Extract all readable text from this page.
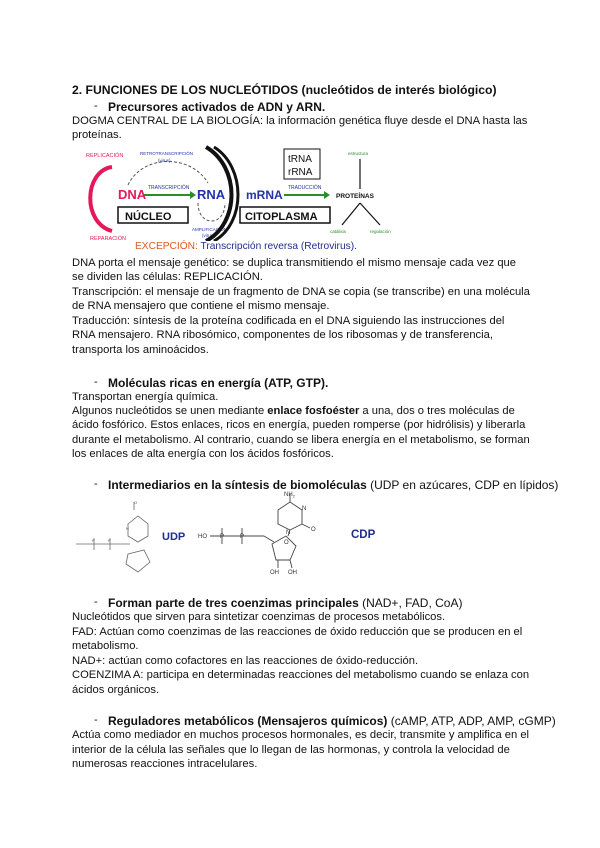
2. FUNCIONES DE LOS NUCLEÓTIDOS (nucleótidos de interés biológico)
- Precursores activados de ADN y ARN.
DOGMA CENTRAL DE LA BIOLOGÍA: la información genética fluye desde el DNA hasta las
proteínas.
REPLICACIÓN
REPARACIÓN
RETROTRANSCRIPCIÓN
(virus)
DNA TRANSCRIPCIÓN RNA
AMPLIFICACIÓN
(virus)
NÚCLEO
mRNA
tRNA
rRNA
TRADUCCIÓN
PROTEÍNAS
estructura
catálisis	regulación
CITOPLASMA
EXCEPCIÓN: Transcripción reversa (Retrovirus).
DNA porta el mensaje genético: se duplica transmitiendo el mismo mensaje cada vez que
se dividen las células: REPLICACIÓN.
Transcripción: el mensaje de un fragmento de DNA se copia (se transcribe) en una molécula
de RNA mensajero que contiene el mismo mensaje.
Traducción: síntesis de la proteína codificada en el DNA siguiendo las instrucciones del
RNA mensajero. RNA ribosómico, componentes de los ribosomas y de transferencia,
transporta los aminoácidos.
- Moléculas ricas en energía (ATP, GTP).
Transportan energía química.
Algunos nucleótidos se unen mediante enlace fosfoéster a una, dos o tres moléculas de
ácido fosfórico. Estos enlaces, ricos en energía, pueden romperse (por hidrólisis) y liberarla
durante el metabolismo. Al contrario, cuando se libera energía en el metabolismo, se forman
los enlaces de alta energía con los ácidos fosfóricos.
- Intermediarios en la síntesis de biomoléculas (UDP en azúcares, CDP en lípidos)
P	P
O
N
UDP HO P	P
$NH_2$
N
N	O
O
OH OH
CDP
- Forman parte de tres coenzimas principales (NAD+, FAD, CoA)
Nucleótidos que sirven para sintetizar coenzimas de procesos metabólicos.
FAD: Actúan como coenzimas de las reacciones de óxido reducción que se producen en el
metabolismo.
NAD+: actúan como cofactores en las reacciones de óxido-reducción.
COENZIMA A: participa en determinadas reacciones del metabolismo cuando se enlaza con
ácidos orgánicos.
- Reguladores metabólicos (Mensajeros químicos) (cAMP, ATP, ADP, AMP, cGMP)
Actúa como mediador en muchos procesos hormonales, es decir, transmite y amplifica en el
interior de la célula las señales que lo llegan de las hormonas, y controla la velocidad de
numerosas reacciones intracelulares.
